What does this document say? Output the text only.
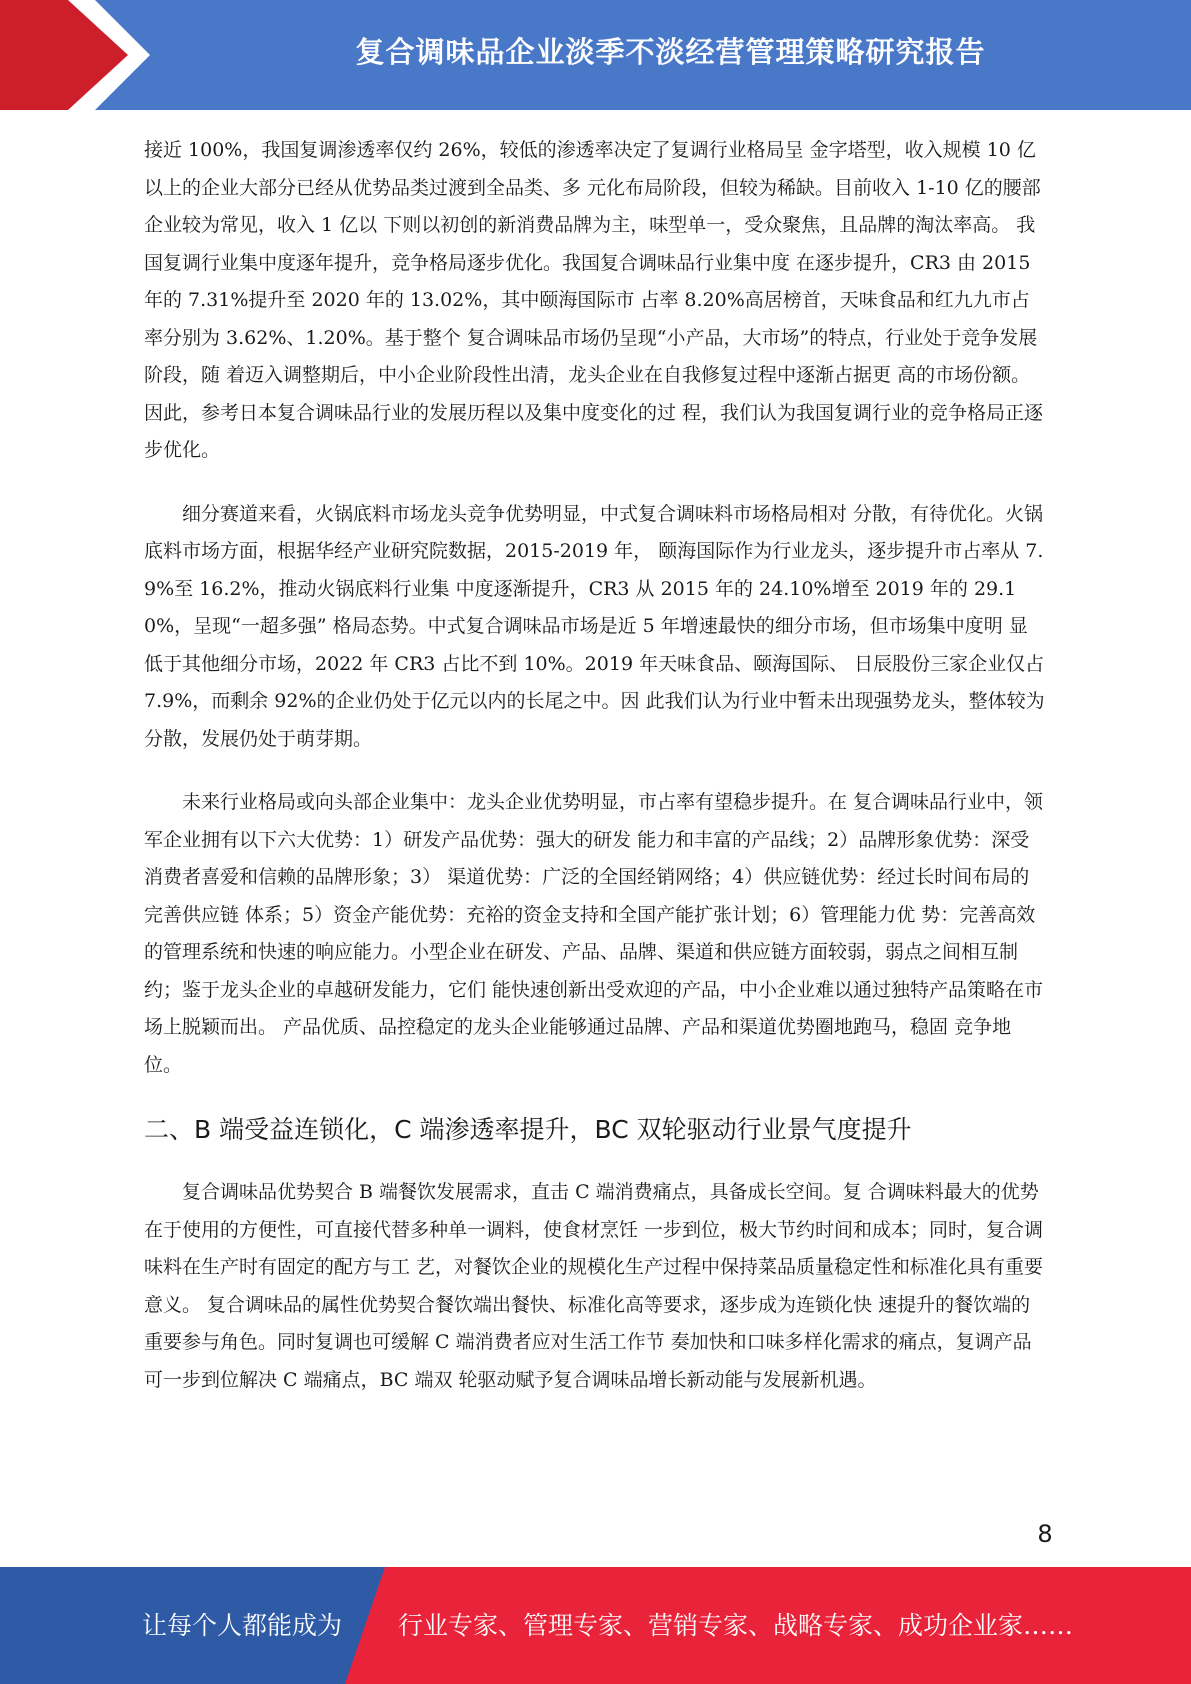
复合调味品企业淡季不淡经营管理策略研究报告

接近 100%，我国复调渗透率仅约 26%，较低的渗透率决定了复调行业格局呈 金字塔型，收入规模 10 亿以上的企业大部分已经从优势品类过渡到全品类、多 元化布局阶段，但较为稀缺。目前收入 1-10 亿的腰部企业较为常见，收入 1 亿以 下则以初创的新消费品牌为主，味型单一，受众聚焦，且品牌的淘汰率高。 我国复调行业集中度逐年提升，竞争格局逐步优化。我国复合调味品行业集中度 在逐步提升，CR3 由 2015 年的 7.31%提升至 2020 年的 13.02%，其中颐海国际市 占率 8.20%高居榜首，天味食品和红九九市占率分别为 3.62%、1.20%。基于整个 复合调味品市场仍呈现“小产品，大市场”的特点，行业处于竞争发展阶段，随 着迈入调整期后，中小企业阶段性出清，龙头企业在自我修复过程中逐渐占据更 高的市场份额。因此，参考日本复合调味品行业的发展历程以及集中度变化的过 程，我们认为我国复调行业的竞争格局正逐步优化。

细分赛道来看，火锅底料市场龙头竞争优势明显，中式复合调味料市场格局相对 分散，有待优化。火锅底料市场方面，根据华经产业研究院数据，2015-2019 年， 颐海国际作为行业龙头，逐步提升市占率从 7.9%至 16.2%，推动火锅底料行业集 中度逐渐提升，CR3 从 2015 年的 24.10%增至 2019 年的 29.10%，呈现“一超多强” 格局态势。中式复合调味品市场是近 5 年增速最快的细分市场，但市场集中度明 显低于其他细分市场，2022 年 CR3 占比不到 10%。2019 年天味食品、颐海国际、 日辰股份三家企业仅占 7.9%，而剩余 92%的企业仍处于亿元以内的长尾之中。因 此我们认为行业中暂未出现强势龙头，整体较为分散，发展仍处于萌芽期。

未来行业格局或向头部企业集中：龙头企业优势明显，市占率有望稳步提升。在 复合调味品行业中，领军企业拥有以下六大优势：1）研发产品优势：强大的研发 能力和丰富的产品线；2）品牌形象优势：深受消费者喜爱和信赖的品牌形象；3） 渠道优势：广泛的全国经销网络；4）供应链优势：经过长时间布局的完善供应链 体系；5）资金产能优势：充裕的资金支持和全国产能扩张计划；6）管理能力优 势：完善高效的管理系统和快速的响应能力。小型企业在研发、产品、品牌、渠道和供应链方面较弱，弱点之间相互制约；鉴于龙头企业的卓越研发能力，它们 能快速创新出受欢迎的产品，中小企业难以通过独特产品策略在市场上脱颖而出。 产品优质、品控稳定的龙头企业能够通过品牌、产品和渠道优势圈地跑马，稳固 竞争地位。

二、B 端受益连锁化，C 端渗透率提升，BC 双轮驱动行业景气度提升

复合调味品优势契合 B 端餐饮发展需求，直击 C 端消费痛点，具备成长空间。复 合调味料最大的优势在于使用的方便性，可直接代替多种单一调料，使食材烹饪 一步到位，极大节约时间和成本；同时，复合调味料在生产时有固定的配方与工 艺，对餐饮企业的规模化生产过程中保持菜品质量稳定性和标准化具有重要意义。 复合调味品的属性优势契合餐饮端出餐快、标准化高等要求，逐步成为连锁化快 速提升的餐饮端的重要参与角色。同时复调也可缓解 C 端消费者应对生活工作节 奏加快和口味多样化需求的痛点，复调产品可一步到位解决 C 端痛点，BC 端双 轮驱动赋予复合调味品增长新动能与发展新机遇。

8
让每个人都能成为 行业专家、管理专家、营销专家、战略专家、成功企业家……
